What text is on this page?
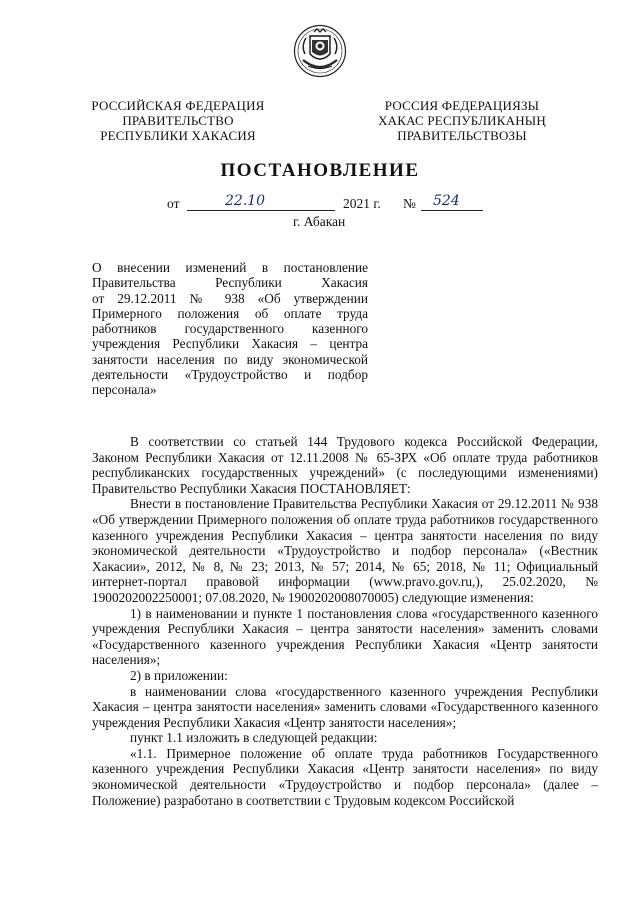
РОССИЙСКАЯ ФЕДЕРАЦИЯ
ПРАВИТЕЛЬСТВО
РЕСПУБЛИКИ ХАКАСИЯ
РОССИЯ ФЕДЕРАЦИЯЗЫ
ХАКАС РЕСПУБЛИКАНЫҢ
ПРАВИТЕЛЬСТВОЗЫ
ПОСТАНОВЛЕНИЕ
от	22.10	2021 г. № 524
г. Абакан
О внесении изменений в постановление
Правительства Республики Хакасия
от 29.12.2011 № 938 «Об утверждении
Примерного положения об оплате труда
работников государственного казенного
учреждения Республики Хакасия – центра
занятости населения по виду экономической
деятельности «Трудоустройство и подбор
персонала»

В соответствии со статьей 144 Трудового кодекса Российской Федерации, Законом Республики Хакасия от 12.11.2008 № 65-ЗРХ «Об оплате труда работников республиканских государственных учреждений» (с последующими изменениями) Правительство Республики Хакасия ПОСТАНОВЛЯЕТ:

Внести в постановление Правительства Республики Хакасия от 29.12.2011 № 938 «Об утверждении Примерного положения об оплате труда работников государственного казенного учреждения Республики Хакасия – центра занятости населения по виду экономической деятельности «Трудоустройство и подбор персонала» («Вестник Хакасии», 2012, № 8, № 23; 2013, № 57; 2014, № 65; 2018, № 11; Официальный интернет-портал правовой информации (www.pravo.gov.ru,), 25.02.2020, № 1900202002250001; 07.08.2020, № 1900202008070005) следующие изменения:

1) в наименовании и пункте 1 постановления слова «государственного казенного учреждения Республики Хакасия – центра занятости населения» заменить словами «Государственного казенного учреждения Республики Хакасия «Центр занятости населения»;

2) в приложении:

в наименовании слова «государственного казенного учреждения Республики Хакасия – центра занятости населения» заменить словами «Государственного казенного учреждения Республики Хакасия «Центр занятости населения»;

пункт 1.1 изложить в следующей редакции:

«1.1. Примерное положение об оплате труда работников Государственного казенного учреждения Республики Хакасия «Центр занятости населения» по виду экономической деятельности «Трудоустройство и подбор персонала» (далее – Положение) разработано в соответствии с Трудовым кодексом Российской
